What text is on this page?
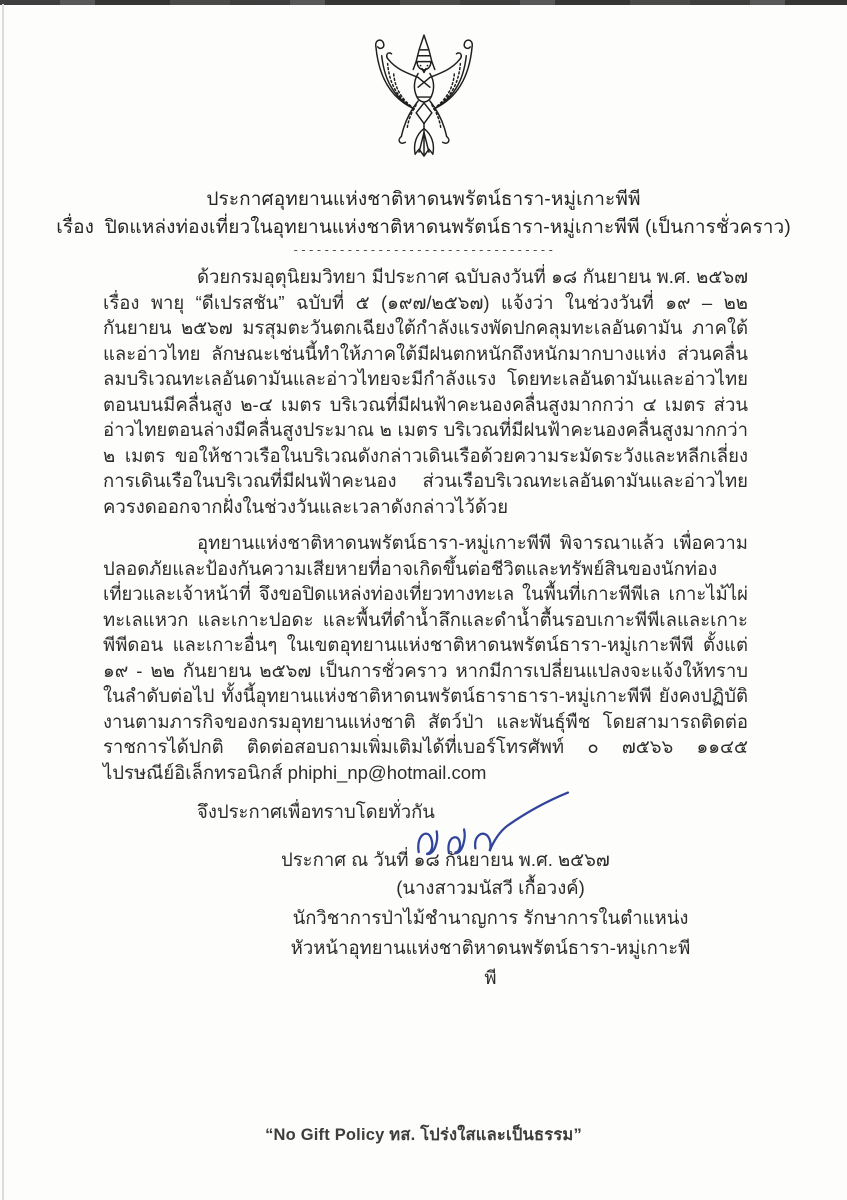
ประกาศอุทยานแห่งชาติหาดนพรัตน์ธารา-หมู่เกาะพีพี
เรื่อง  ปิดแหล่งท่องเที่ยวในอุทยานแห่งชาติหาดนพรัตน์ธารา-หมู่เกาะพีพี (เป็นการชั่วคราว)
----------------------------------

ด้วยกรมอุตุนิยมวิทยา มีประกาศ ฉบับลงวันที่ ๑๘ กันยายน พ.ศ. ๒๕๖๗ เรื่อง พายุ “ดีเปรสชัน” ฉบับที่ ๕ (๑๙๗/๒๕๖๗) แจ้งว่า ในช่วงวันที่ ๑๙ – ๒๒ กันยายน ๒๕๖๗ มรสุมตะวันตกเฉียงใต้กำลังแรงพัดปกคลุมทะเลอันดามัน ภาคใต้ และอ่าวไทย ลักษณะเช่นนี้ทำให้ภาคใต้มีฝนตกหนักถึงหนักมากบางแห่ง ส่วนคลื่นลมบริเวณทะเลอันดามันและอ่าวไทยจะมีกำลังแรง โดยทะเลอันดามันและอ่าวไทยตอนบนมีคลื่นสูง ๒-๔ เมตร บริเวณที่มีฝนฟ้าคะนองคลื่นสูงมากกว่า ๔ เมตร ส่วนอ่าวไทยตอนล่างมีคลื่นสูงประมาณ ๒ เมตร บริเวณที่มีฝนฟ้าคะนองคลื่นสูงมากกว่า ๒ เมตร ขอให้ชาวเรือในบริเวณดังกล่าวเดินเรือด้วยความระมัดระวังและหลีกเลี่ยงการเดินเรือในบริเวณที่มีฝนฟ้าคะนอง ส่วนเรือบริเวณทะเลอันดามันและอ่าวไทยควรงดออกจากฝั่งในช่วงวันและเวลาดังกล่าวไว้ด้วย

อุทยานแห่งชาติหาดนพรัตน์ธารา-หมู่เกาะพีพี พิจารณาแล้ว เพื่อความปลอดภัยและป้องกันความเสียหายที่อาจเกิดขึ้นต่อชีวิตและทรัพย์สินของนักท่องเที่ยวและเจ้าหน้าที่ จึงขอปิดแหล่งท่องเที่ยวทางทะเล ในพื้นที่เกาะพีพีเล เกาะไม้ไผ่ ทะเลแหวก และเกาะปอดะ และพื้นที่ดำน้ำลึกและดำน้ำตื้นรอบเกาะพีพีเลและเกาะพีพีดอน และเกาะอื่นๆ ในเขตอุทยานแห่งชาติหาดนพรัตน์ธารา-หมู่เกาะพีพี ตั้งแต่ ๑๙ - ๒๒ กันยายน ๒๕๖๗ เป็นการชั่วคราว หากมีการเปลี่ยนแปลงจะแจ้งให้ทราบในลำดับต่อไป ทั้งนี้อุทยานแห่งชาติหาดนพรัตน์ธาราธารา-หมู่เกาะพีพี ยังคงปฏิบัติงานตามภารกิจของกรมอุทยานแห่งชาติ สัตว์ป่า และพันธุ์พืช โดยสามารถติดต่อราชการได้ปกติ ติดต่อสอบถามเพิ่มเติมได้ที่เบอร์โทรศัพท์ ๐ ๗๕๖๖ ๑๑๔๕ ไปรษณีย์อิเล็กทรอนิกส์ phiphi_np@hotmail.com

จึงประกาศเพื่อทราบโดยทั่วกัน

ประกาศ ณ วันที่ ๑๘ กันยายน พ.ศ. ๒๕๖๗

(นางสาวมนัสวี เกื้อวงค์)
นักวิชาการป่าไม้ชำนาญการ รักษาการในตำแหน่ง
หัวหน้าอุทยานแห่งชาติหาดนพรัตน์ธารา-หมู่เกาะพีพี
“No Gift Policy ทส. โปร่งใสและเป็นธรรม”
